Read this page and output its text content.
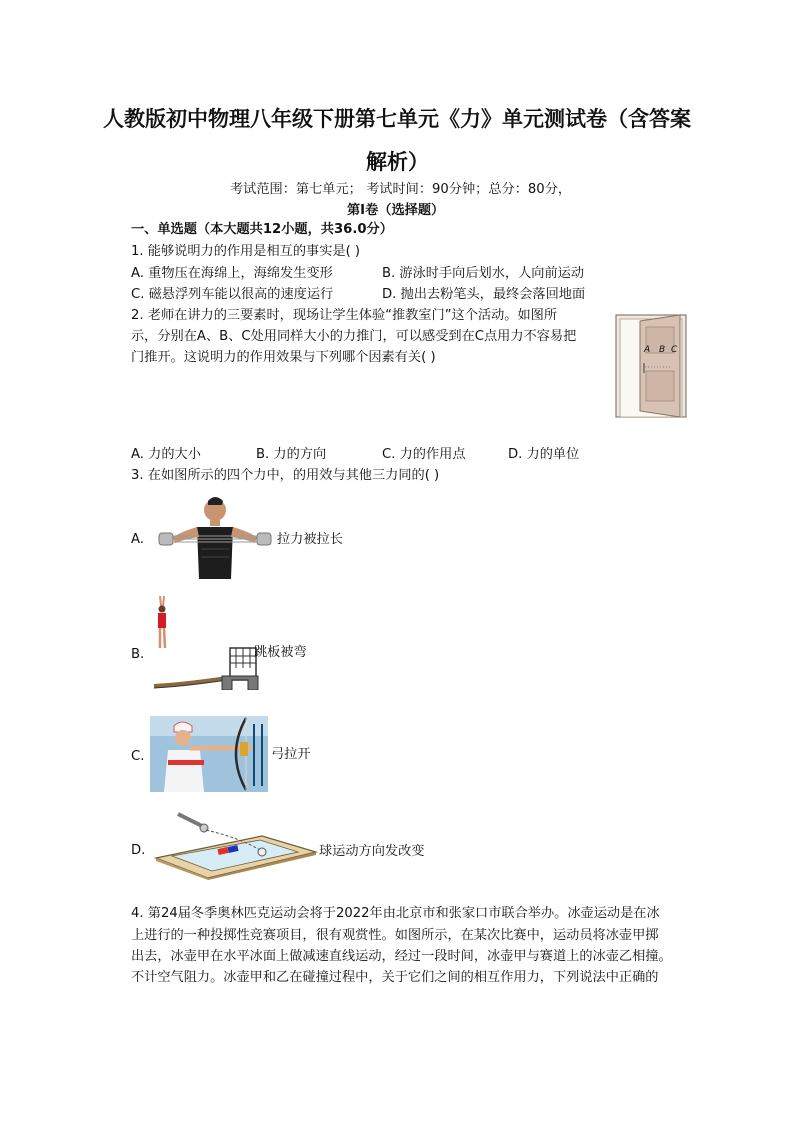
人教版初中物理八年级下册第七单元《力》单元测试卷（含答案
解析）
考试范围：第七单元； 考试时间：90分钟；总分：80分，
第Ⅰ卷（选择题）
一、单选题（本大题共12小题，共36.0分）
1. 能够说明力的作用是相互的事实是( )
A. 重物压在海绵上，海绵发生变形	B. 游泳时手向后划水，人向前运动
C. 磁悬浮列车能以很高的速度运行	D. 抛出去粉笔头，最终会落回地面
2. 老师在讲力的三要素时，现场让学生体验“推教室门”这个活动。如图所
示，分别在A、B、C处用同样大小的力推门，可以感受到在C点用力不容易把
门推开。这说明力的作用效果与下列哪个因素有关( )	A B C
A. 力的大小	B. 力的方向	C. 力的作用点	D. 力的单位
3. 在如图所示的四个力中，的用效与其他三力同的( )
A.	拉力被拉长
B.	跳板被弯
C.	弓拉开
D.	球运动方向发改变
4. 第24届冬季奥林匹克运动会将于2022年由北京市和张家口市联合举办。冰壶运动是在冰
上进行的一种投掷性竞赛项目，很有观赏性。如图所示，在某次比赛中，运动员将冰壶甲掷
出去，冰壶甲在水平冰面上做减速直线运动，经过一段时间，冰壶甲与赛道上的冰壶乙相撞。
不计空气阻力。冰壶甲和乙在碰撞过程中，关于它们之间的相互作用力，下列说法中正确的
